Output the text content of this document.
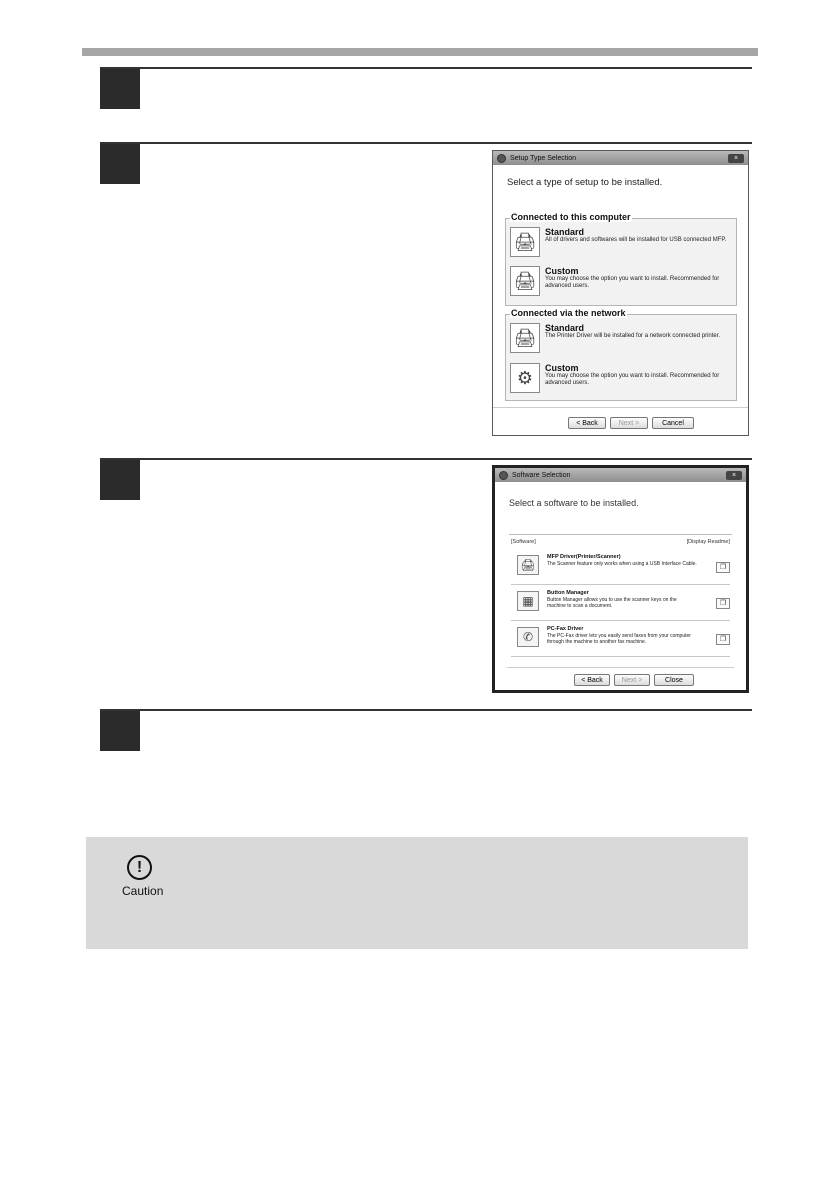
Setup Type Selection	×
Select a type of setup to be installed.
Connected to this computer
🖨 Standard
All of drivers and softwares will be installed for USB connected MFP.
🖨 Custom
You may choose the option you want to install. Recommended for advanced users.
Connected via the network
🖨 Standard
The Printer Driver will be installed for a network connected printer.
⚙	Custom
You may choose the option you want to install. Recommended for advanced users.
< Back	Next >	Cancel
Software Selection	×
Select a software to be installed.
[Software]	[Display Readme]
🖨
MFP Driver(Printer/Scanner)
The Scanner feature only works when using a USB Interface Cable.	❐
▦
Button Manager
Button Manager allows you to use the scanner keys on the machine to scan a document.	❐
✆
PC-Fax Driver
The PC-Fax driver lets you easily send faxes from your computer through the machine to another fax machine.	❐
< Back	Next >	Close
!
Caution
